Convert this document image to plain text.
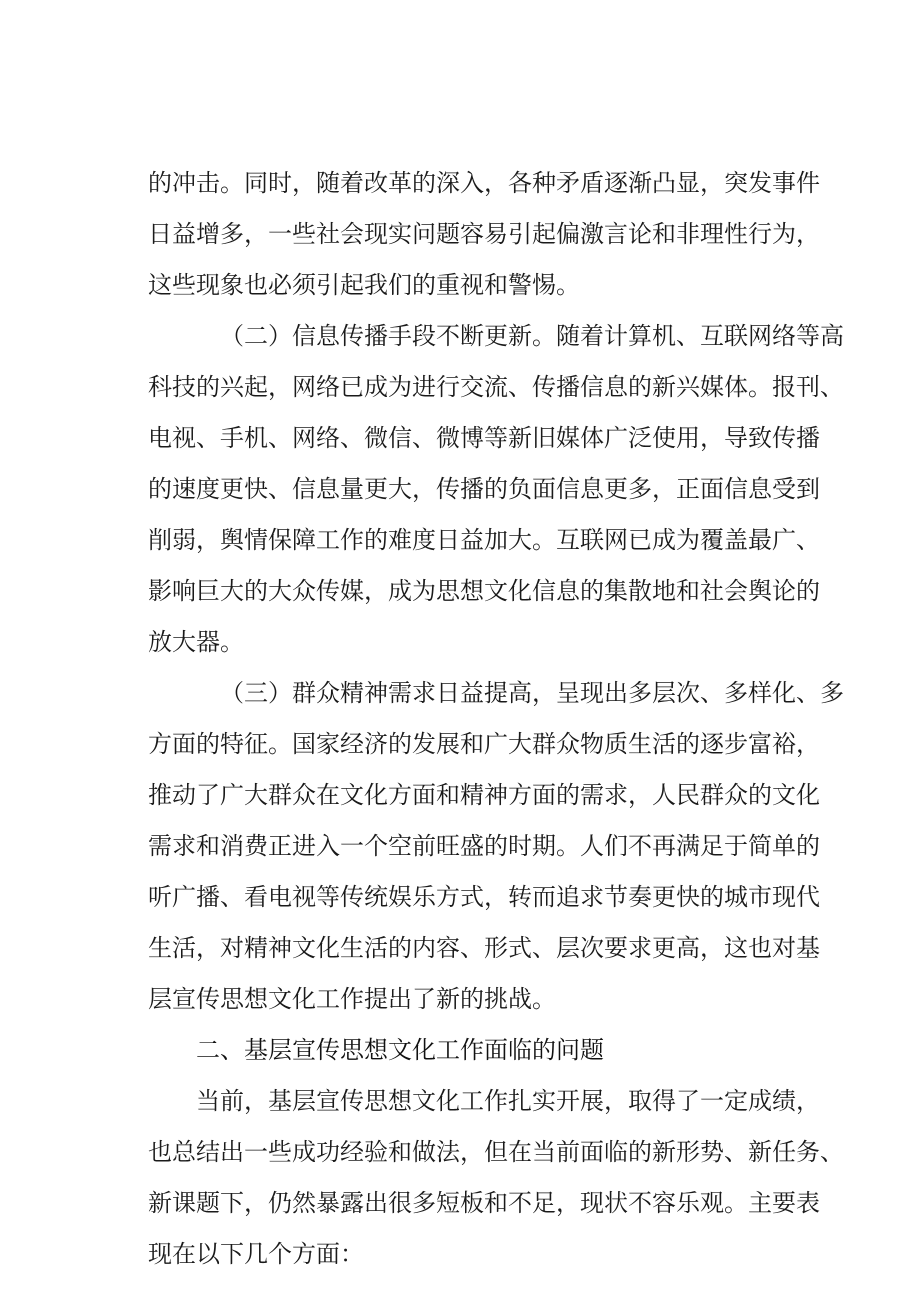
的冲击。同时，随着改革的深入，各种矛盾逐渐凸显，突发事件
日益增多，一些社会现实问题容易引起偏激言论和非理性行为，
这些现象也必须引起我们的重视和警惕。
（二）信息传播手段不断更新。随着计算机、互联网络等高
科技的兴起，网络已成为进行交流、传播信息的新兴媒体。报刊、
电视、手机、网络、微信、微博等新旧媒体广泛使用，导致传播
的速度更快、信息量更大，传播的负面信息更多，正面信息受到
削弱，舆情保障工作的难度日益加大。互联网已成为覆盖最广、
影响巨大的大众传媒，成为思想文化信息的集散地和社会舆论的
放大器。
（三）群众精神需求日益提高，呈现出多层次、多样化、多
方面的特征。国家经济的发展和广大群众物质生活的逐步富裕，
推动了广大群众在文化方面和精神方面的需求，人民群众的文化
需求和消费正进入一个空前旺盛的时期。人们不再满足于简单的
听广播、看电视等传统娱乐方式，转而追求节奏更快的城市现代
生活，对精神文化生活的内容、形式、层次要求更高，这也对基
层宣传思想文化工作提出了新的挑战。
二、基层宣传思想文化工作面临的问题
当前，基层宣传思想文化工作扎实开展，取得了一定成绩，
也总结出一些成功经验和做法，但在当前面临的新形势、新任务、
新课题下，仍然暴露出很多短板和不足，现状不容乐观。主要表
现在以下几个方面：
